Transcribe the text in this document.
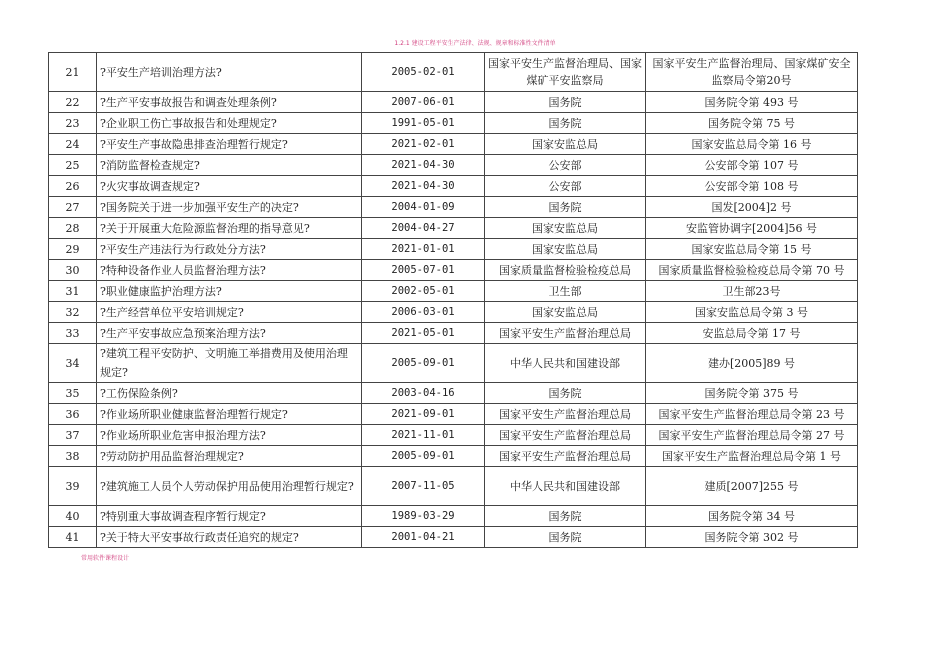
1.2.1 建设工程平安生产法律、法规、规章和标准性文件清单
21	?平安生产培训治理方法?	2005-02-01	国家平安生产监督治理局、国家煤矿平安监察局	国家平安生产监督治理局、国家煤矿安全监察局令第20号
22	?生产平安事故报告和调查处理条例?	2007-06-01	国务院	国务院令第 493 号
23	?企业职工伤亡事故报告和处理规定?	1991-05-01	国务院	国务院令第 75 号
24	?平安生产事故隐患排查治理暂行规定?	2021-02-01	国家安监总局	国家安监总局令第 16 号
25	?消防监督检查规定?	2021-04-30	公安部	公安部令第 107 号
26	?火灾事故调查规定?	2021-04-30	公安部	公安部令第 108 号
27	?国务院关于进一步加强平安生产的决定?	2004-01-09	国务院	国发[2004]2 号
28	?关于开展重大危险源监督治理的指导意见?	2004-04-27	国家安监总局	安监管协调字[2004]56 号
29	?平安生产违法行为行政处分方法?	2021-01-01	国家安监总局	国家安监总局令第 15 号
30	?特种设备作业人员监督治理方法?	2005-07-01	国家质量监督检验检疫总局	国家质量监督检验检疫总局令第 70 号
31	?职业健康监护治理方法?	2002-05-01	卫生部	卫生部23号
32	?生产经营单位平安培训规定?	2006-03-01	国家安监总局	国家安监总局令第 3 号
33	?生产平安事故应急预案治理方法?	2021-05-01	国家平安生产监督治理总局	安监总局令第 17 号
34	?建筑工程平安防护、文明施工举措费用及使用治理规定?	2005-09-01	中华人民共和国建设部	建办[2005]89 号
35	?工伤保险条例?	2003-04-16	国务院	国务院令第 375 号
36	?作业场所职业健康监督治理暂行规定?	2021-09-01	国家平安生产监督治理总局	国家平安生产监督治理总局令第 23 号
37	?作业场所职业危害申报治理方法?	2021-11-01	国家平安生产监督治理总局	国家平安生产监督治理总局令第 27 号
38	?劳动防护用品监督治理规定?	2005-09-01	国家平安生产监督治理总局	国家平安生产监督治理总局令第 1 号
39	?建筑施工人员个人劳动保护用品使用治理暂行规定?	2007-11-05	中华人民共和国建设部	建质[2007]255 号
40	?特别重大事故调查程序暂行规定?	1989-03-29	国务院	国务院令第 34 号
41	?关于特大平安事故行政责任追究的规定?	2001-04-21	国务院	国务院令第 302 号
常用软件课程设计
